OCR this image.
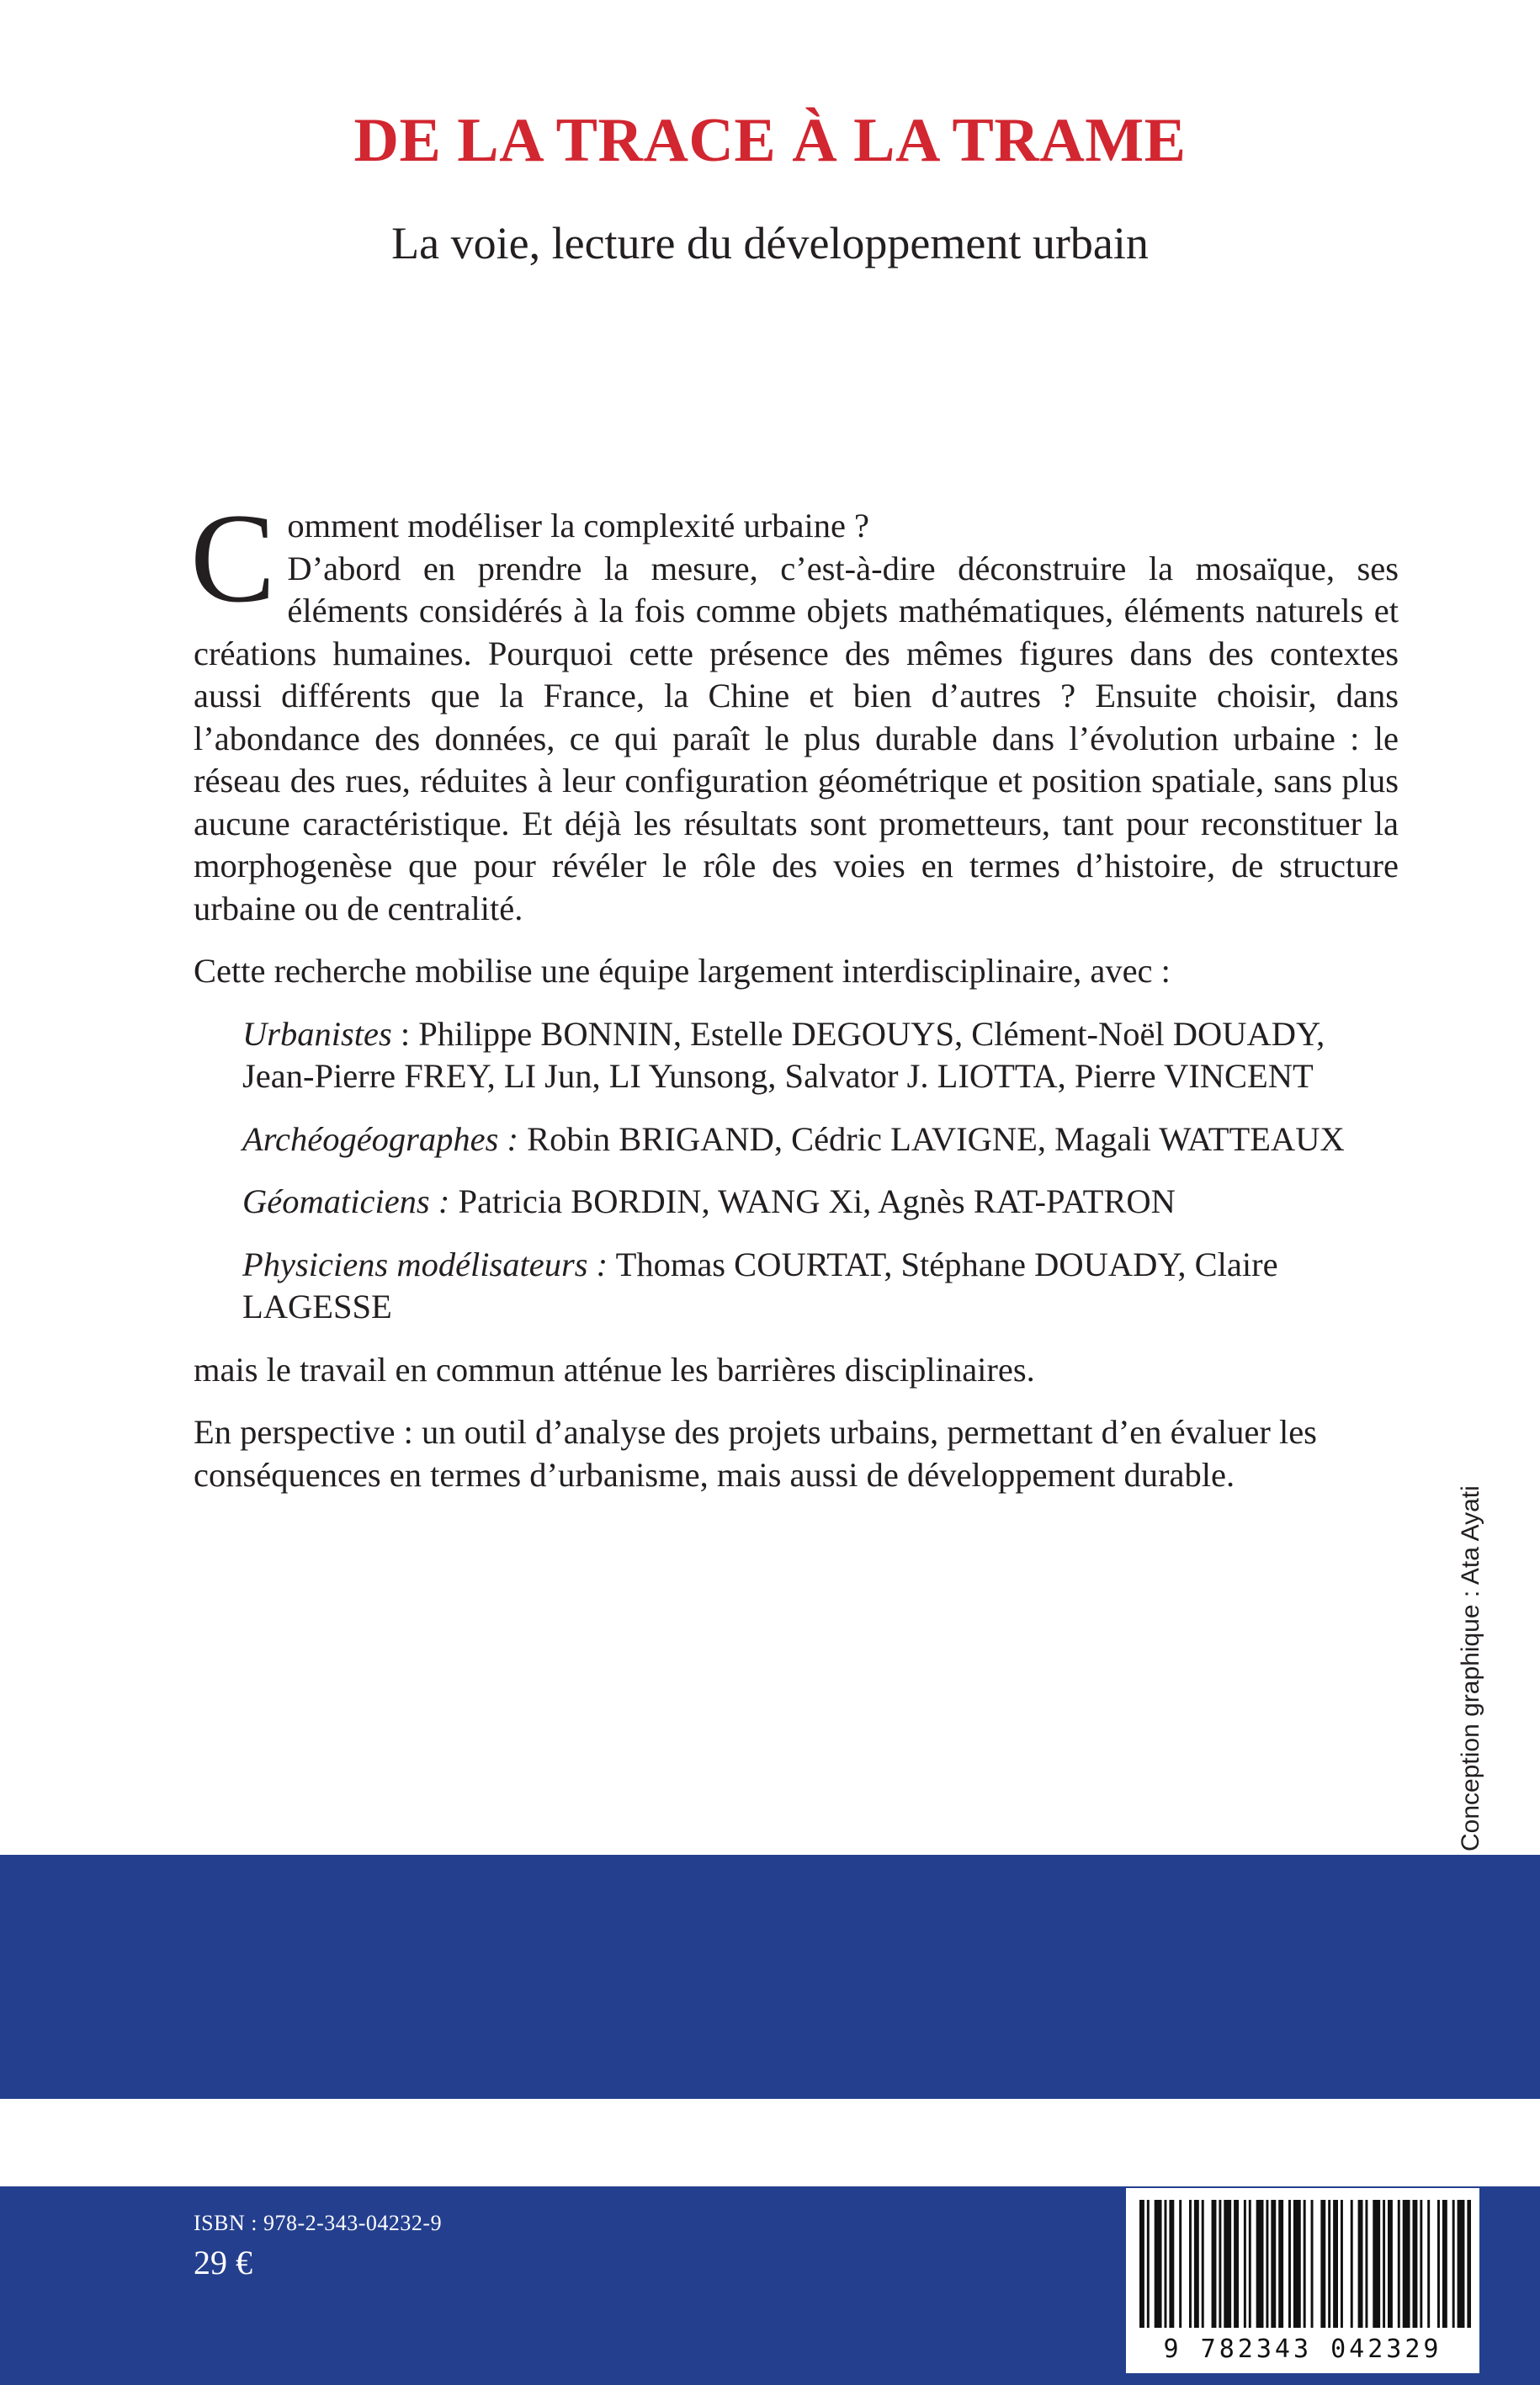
DE LA TRACE À LA TRAME
La voie, lecture du développement urbain

Comment modéliser la complexité urbaine ?
D’abord en prendre la mesure, c’est-à-dire déconstruire la mosaïque, ses éléments considérés à la fois comme objets mathématiques, éléments naturels et créations humaines. Pourquoi cette présence des mêmes figures dans des contextes aussi différents que la France, la Chine et bien d’autres ? Ensuite choisir, dans l’abondance des données, ce qui paraît le plus durable dans l’évolution urbaine : le réseau des rues, réduites à leur configuration géométrique et position spatiale, sans plus aucune caractéristique. Et déjà les résultats sont prometteurs, tant pour reconstituer la morphogenèse que pour révéler le rôle des voies en termes d’histoire, de structure urbaine ou de centralité.

Cette recherche mobilise une équipe largement interdisciplinaire, avec :

Urbanistes : Philippe BONNIN, Estelle DEGOUYS, Clément-Noël DOUADY, Jean-Pierre FREY, LI Jun, LI Yunsong, Salvator J. LIOTTA, Pierre VINCENT

Archéogéographes : Robin BRIGAND, Cédric LAVIGNE, Magali WATTEAUX

Géomaticiens : Patricia BORDIN, WANG Xi, Agnès RAT-PATRON

Physiciens modélisateurs : Thomas COURTAT, Stéphane DOUADY, Claire LAGESSE

mais le travail en commun atténue les barrières disciplinaires.

En perspective : un outil d’analyse des projets urbains, permettant d’en évaluer les conséquences en termes d’urbanisme, mais aussi de développement durable.

Conception graphique : Ata Ayati
ISBN : 978-2-343-04232-9
29 €
9 782343 042329
